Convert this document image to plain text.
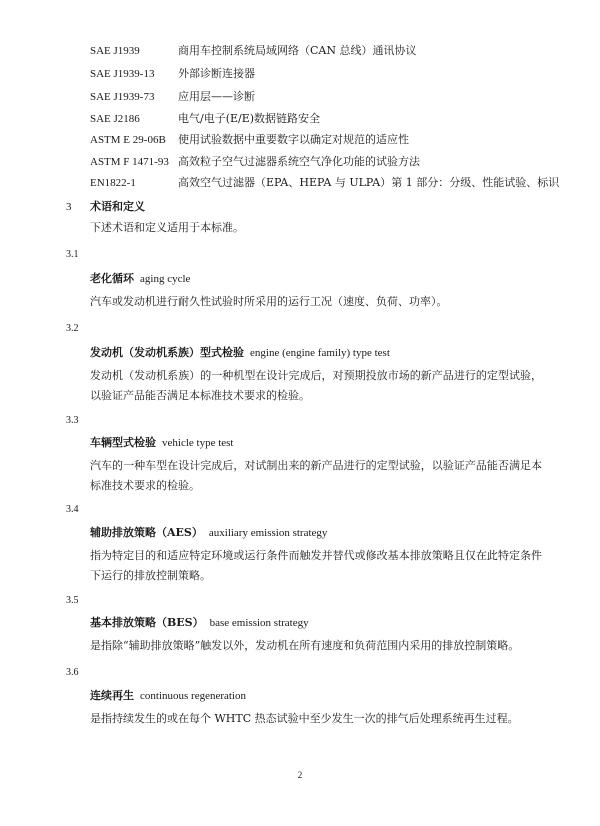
SAE J1939	商用车控制系统局域网络（CAN 总线）通讯协议
SAE J1939-13 外部诊断连接器
SAE J1939-73 应用层——诊断
SAE J2186	电气/电子(E/E)数据链路安全
ASTM E 29-06B 使用试验数据中重要数字以确定对规范的适应性
ASTM F 1471-93 高效粒子空气过滤器系统空气净化功能的试验方法
EN1822-1	高效空气过滤器（EPA、HEPA 与 ULPA）第 1 部分：分级、性能试验、标识
3 术语和定义
下述术语和定义适用于本标准。
3.1
老化循环 aging cycle
汽车或发动机进行耐久性试验时所采用的运行工况（速度、负荷、功率）。
3.2
发动机（发动机系族）型式检验 engine (engine family) type test
发动机（发动机系族）的一种机型在设计完成后，对预期投放市场的新产品进行的定型试验，以验证产品能否满足本标准技术要求的检验。
3.3
车辆型式检验 vehicle type test
汽车的一种车型在设计完成后，对试制出来的新产品进行的定型试验，以验证产品能否满足本标准技术要求的检验。
3.4
辅助排放策略（AES） auxiliary emission strategy
指为特定目的和适应特定环境或运行条件而触发并替代或修改基本排放策略且仅在此特定条件下运行的排放控制策略。
3.5
基本排放策略（BES） base emission strategy
是指除“辅助排放策略”触发以外，发动机在所有速度和负荷范围内采用的排放控制策略。
3.6
连续再生 continuous regeneration
是指持续发生的或在每个 WHTC 热态试验中至少发生一次的排气后处理系统再生过程。
2
